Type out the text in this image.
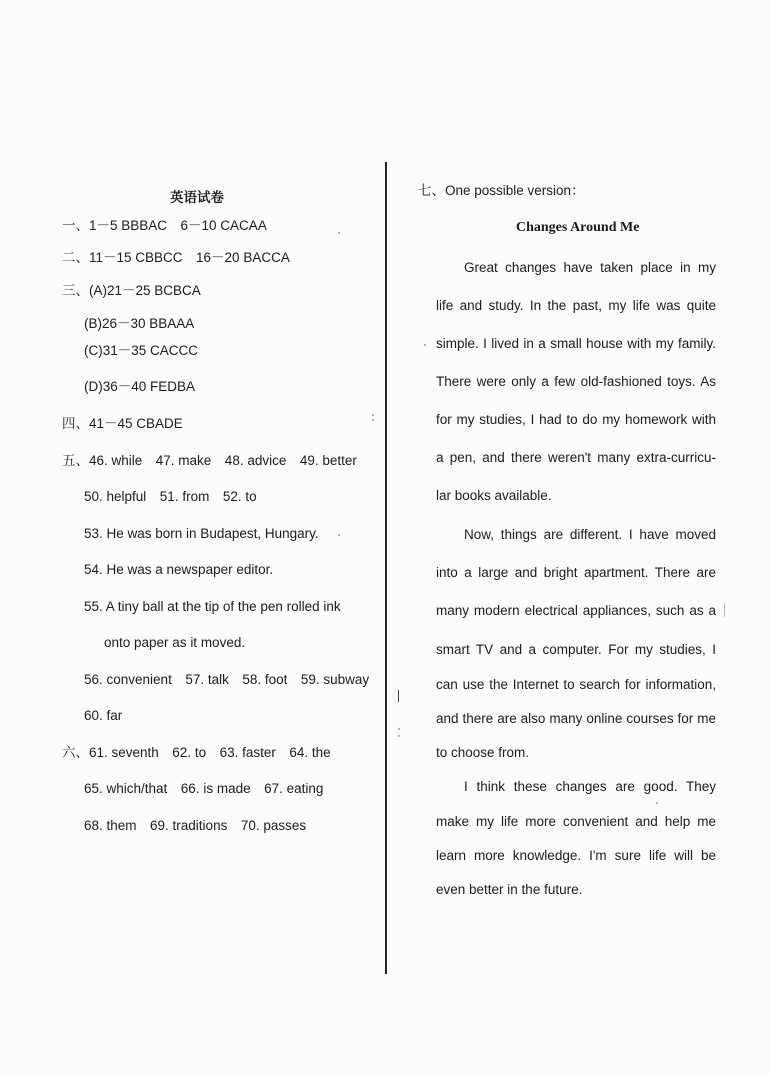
英语试卷
一、1－5 BBBAC　6－10 CACAA
二、11－15 CBBCC　16－20 BACCA
三、(A)21－25 BCBCA
(B)26－30 BBAAA
(C)31－35 CACCC
(D)36－40 FEDBA
四、41－45 CBADE
五、46. while　47. make　48. advice　49. better
50. helpful　51. from　52. to
53. He was born in Budapest, Hungary.
54. He was a newspaper editor.
55. A tiny ball at the tip of the pen rolled ink
onto paper as it moved.
56. convenient　57. talk　58. foot　59. subway
60. far
六、61. seventh　62. to　63. faster　64. the
65. which/that　66. is made　67. eating
68. them　69. traditions　70. passes
七、One possible version：
Changes Around Me
Great changes have taken place in my
life and study. In the past, my life was quite
simple. I lived in a small house with my family.
There were only a few old-fashioned toys. As
for my studies, I had to do my homework with
a pen, and there weren't many extra-curricu-
lar books available.
Now, things are different. I have moved
into a large and bright apartment. There are
many modern electrical appliances, such as a
smart TV and a computer. For my studies, I
can use the Internet to search for information,
and there are also many online courses for me
to choose from.
I think these changes are good. They
make my life more convenient and help me
learn more knowledge. I'm sure life will be
even better in the future.
